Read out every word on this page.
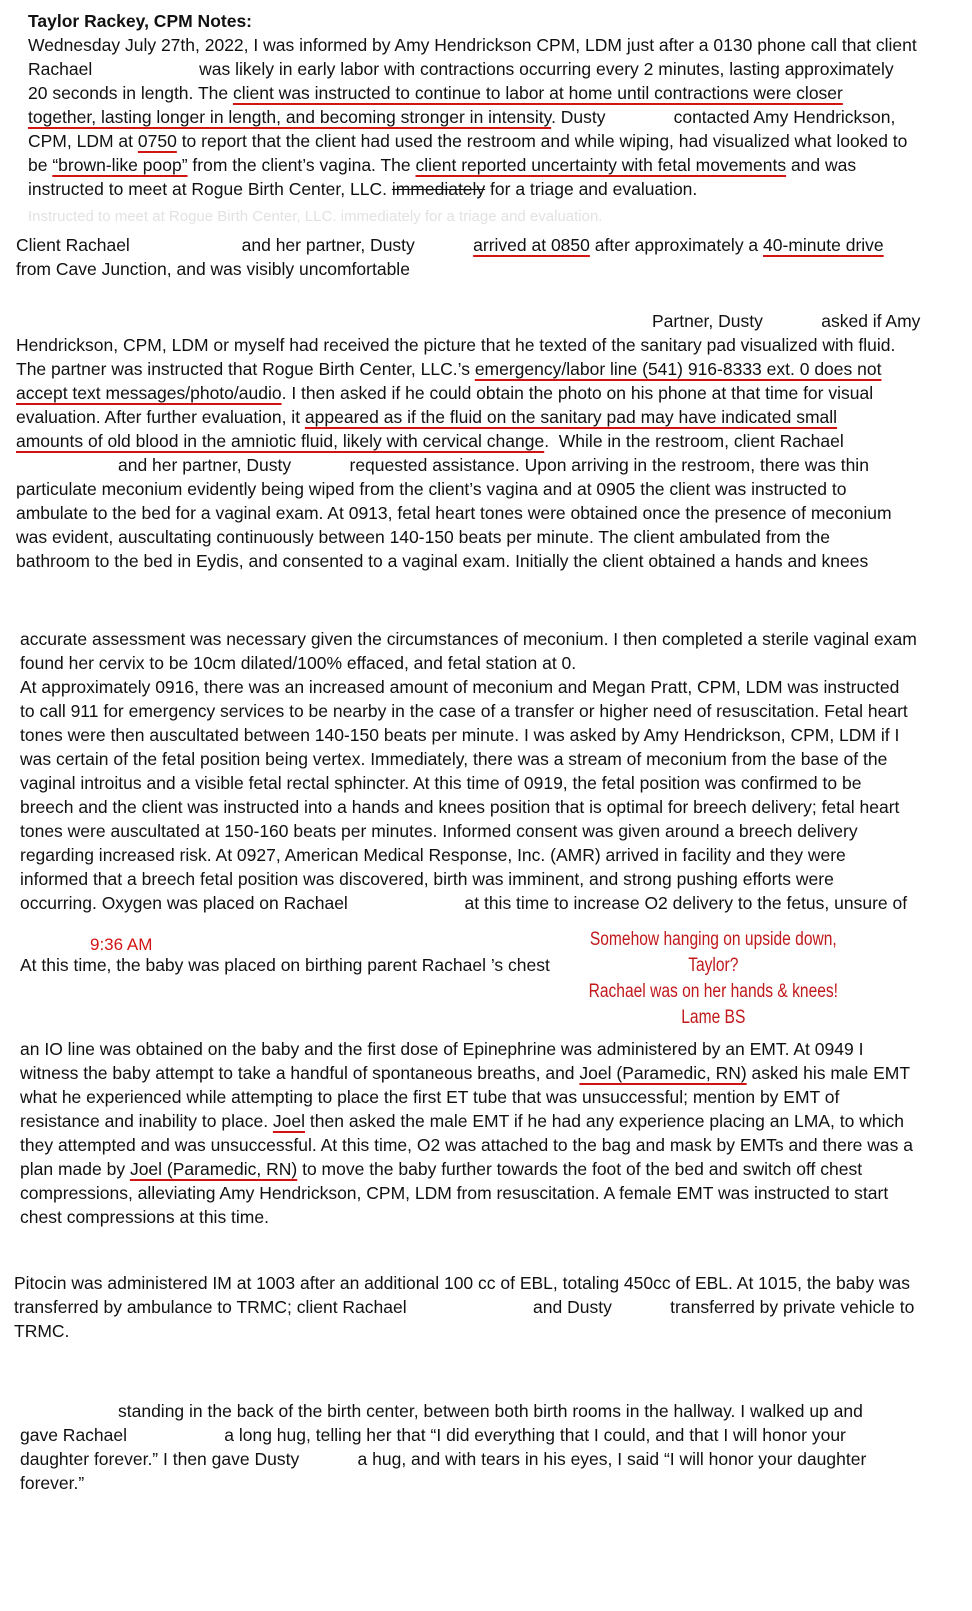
Taylor Rackey, CPM Notes:
Wednesday July 27th, 2022, I was informed by Amy Hendrickson CPM, LDM just after a 0130 phone call that client
Rachael                      was likely in early labor with contractions occurring every 2 minutes, lasting approximately
20 seconds in length. The client was instructed to continue to labor at home until contractions were closer
together, lasting longer in length, and becoming stronger in intensity. Dusty              contacted Amy Hendrickson,
CPM, LDM at 0750 to report that the client had used the restroom and while wiping, had visualized what looked to
be “brown-like poop” from the client’s vagina. The client reported uncertainty with fetal movements and was
instructed to meet at Rogue Birth Center, LLC. immediately for a triage and evaluation.
Instructed to meet at Rogue Birth Center, LLC. immediately for a triage and evaluation.
Client Rachael                       and her partner, Dusty            arrived at 0850 after approximately a 40-minute drive
from Cave Junction, and was visibly uncomfortable
Partner, Dusty            asked if Amy
Hendrickson, CPM, LDM or myself had received the picture that he texted of the sanitary pad visualized with fluid.
The partner was instructed that Rogue Birth Center, LLC.’s emergency/labor line (541) 916-8333 ext. 0 does not
accept text messages/photo/audio. I then asked if he could obtain the photo on his phone at that time for visual
evaluation. After further evaluation, it appeared as if the fluid on the sanitary pad may have indicated small
amounts of old blood in the amniotic fluid, likely with cervical change.  While in the restroom, client Rachael
and her partner, Dusty            requested assistance. Upon arriving in the restroom, there was thin
particulate meconium evidently being wiped from the client’s vagina and at 0905 the client was instructed to
ambulate to the bed for a vaginal exam. At 0913, fetal heart tones were obtained once the presence of meconium
was evident, auscultating continuously between 140-150 beats per minute. The client ambulated from the
bathroom to the bed in Eydis, and consented to a vaginal exam. Initially the client obtained a hands and knees
accurate assessment was necessary given the circumstances of meconium. I then completed a sterile vaginal exam
found her cervix to be 10cm dilated/100% effaced, and fetal station at 0.
At approximately 0916, there was an increased amount of meconium and Megan Pratt, CPM, LDM was instructed
to call 911 for emergency services to be nearby in the case of a transfer or higher need of resuscitation. Fetal heart
tones were then auscultated between 140-150 beats per minute. I was asked by Amy Hendrickson, CPM, LDM if I
was certain of the fetal position being vertex. Immediately, there was a stream of meconium from the base of the
vaginal introitus and a visible fetal rectal sphincter. At this time of 0919, the fetal position was confirmed to be
breech and the client was instructed into a hands and knees position that is optimal for breech delivery; fetal heart
tones were auscultated at 150-160 beats per minutes. Informed consent was given around a breech delivery
regarding increased risk. At 0927, American Medical Response, Inc. (AMR) arrived in facility and they were
informed that a breech fetal position was discovered, birth was imminent, and strong pushing efforts were
occurring. Oxygen was placed on Rachael                        at this time to increase O2 delivery to the fetus, unsure of
9:36 AM
At this time, the baby was placed on birthing parent Rachael ’s chest
Somehow hanging on upside down, Taylor?
Rachael was on her hands & knees!
Lame BS
an IO line was obtained on the baby and the first dose of Epinephrine was administered by an EMT. At 0949 I
witness the baby attempt to take a handful of spontaneous breaths, and Joel (Paramedic, RN) asked his male EMT
what he experienced while attempting to place the first ET tube that was unsuccessful; mention by EMT of
resistance and inability to place. Joel then asked the male EMT if he had any experience placing an LMA, to which
they attempted and was unsuccessful. At this time, O2 was attached to the bag and mask by EMTs and there was a
plan made by Joel (Paramedic, RN) to move the baby further towards the foot of the bed and switch off chest
compressions, alleviating Amy Hendrickson, CPM, LDM from resuscitation. A female EMT was instructed to start
chest compressions at this time.
Pitocin was administered IM at 1003 after an additional 100 cc of EBL, totaling 450cc of EBL. At 1015, the baby was
transferred by ambulance to TRMC; client Rachael                          and Dusty            transferred by private vehicle to
TRMC.
standing in the back of the birth center, between both birth rooms in the hallway. I walked up and
gave Rachael                    a long hug, telling her that “I did everything that I could, and that I will honor your
daughter forever.” I then gave Dusty            a hug, and with tears in his eyes, I said “I will honor your daughter
forever.”
